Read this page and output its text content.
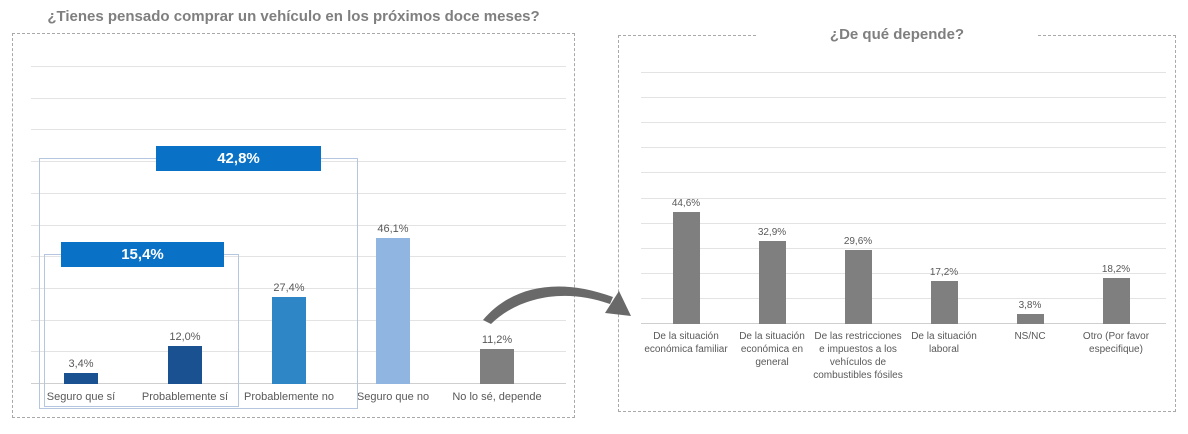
¿Tienes pensado comprar un vehículo en los próximos doce meses?
3,4%
Seguro que sí
12,0%
Probablemente sí
27,4%
Probablemente no
46,1%
Seguro que no
11,2%
No lo sé, depende
15,4%
42,8%
¿De qué depende?
44,6%
De la situación económica familiar
32,9%
De la situación económica en general
29,6%
De las restricciones e impuestos a los vehículos de combustibles fósiles
17,2%
De la situación laboral
3,8%
NS/NC
18,2%
Otro (Por favor especifique)
